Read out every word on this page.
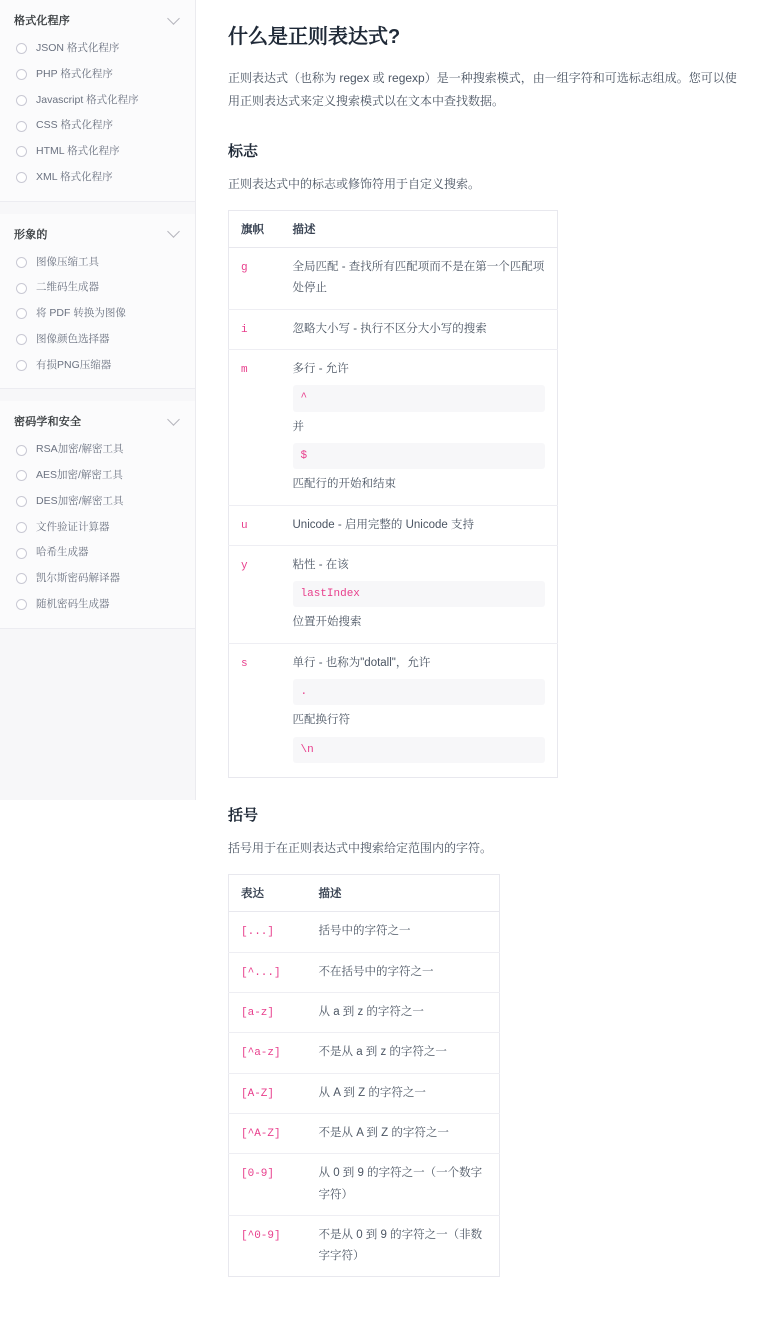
格式化程序
JSON 格式化程序
PHP 格式化程序
Javascript 格式化程序
CSS 格式化程序
HTML 格式化程序
XML 格式化程序
形象的
图像压缩工具
二维码生成器
将 PDF 转换为图像
图像颜色选择器
有损PNG压缩器
密码学和安全
RSA加密/解密工具
AES加密/解密工具
DES加密/解密工具
文件验证计算器
哈希生成器
凯尔斯密码解译器
随机密码生成器
什么是正则表达式?

正则表达式（也称为 regex 或 regexp）是一种搜索模式，由一组字符和可选标志组成。您可以使用正则表达式来定义搜索模式以在文本中查找数据。

标志

正则表达式中的标志或修饰符用于自定义搜索。

旗帜	描述
g	全局匹配 - 查找所有匹配项而不是在第一个匹配项处停止

i	忽略大小写 - 执行不区分大小写的搜索

m	多行 - 允许
^
并
$
匹配行的开始和结束

u	Unicode - 启用完整的 Unicode 支持

y	粘性 - 在该
lastIndex
位置开始搜索

s	单行 - 也称为"dotall"，允许
.
匹配换行符
\n
括号

括号用于在正则表达式中搜索给定范围内的字符。

表达	描述
[...]	括号中的字符之一
[^...]	不在括号中的字符之一
[a-z]	从 a 到 z 的字符之一
[^a-z]	不是从 a 到 z 的字符之一
[A-Z]	从 A 到 Z 的字符之一
[^A-Z]	不是从 A 到 Z 的字符之一
[0-9]	从 0 到 9 的字符之一（一个数字字符）
[^0-9]	不是从 0 到 9 的字符之一（非数字字符）
